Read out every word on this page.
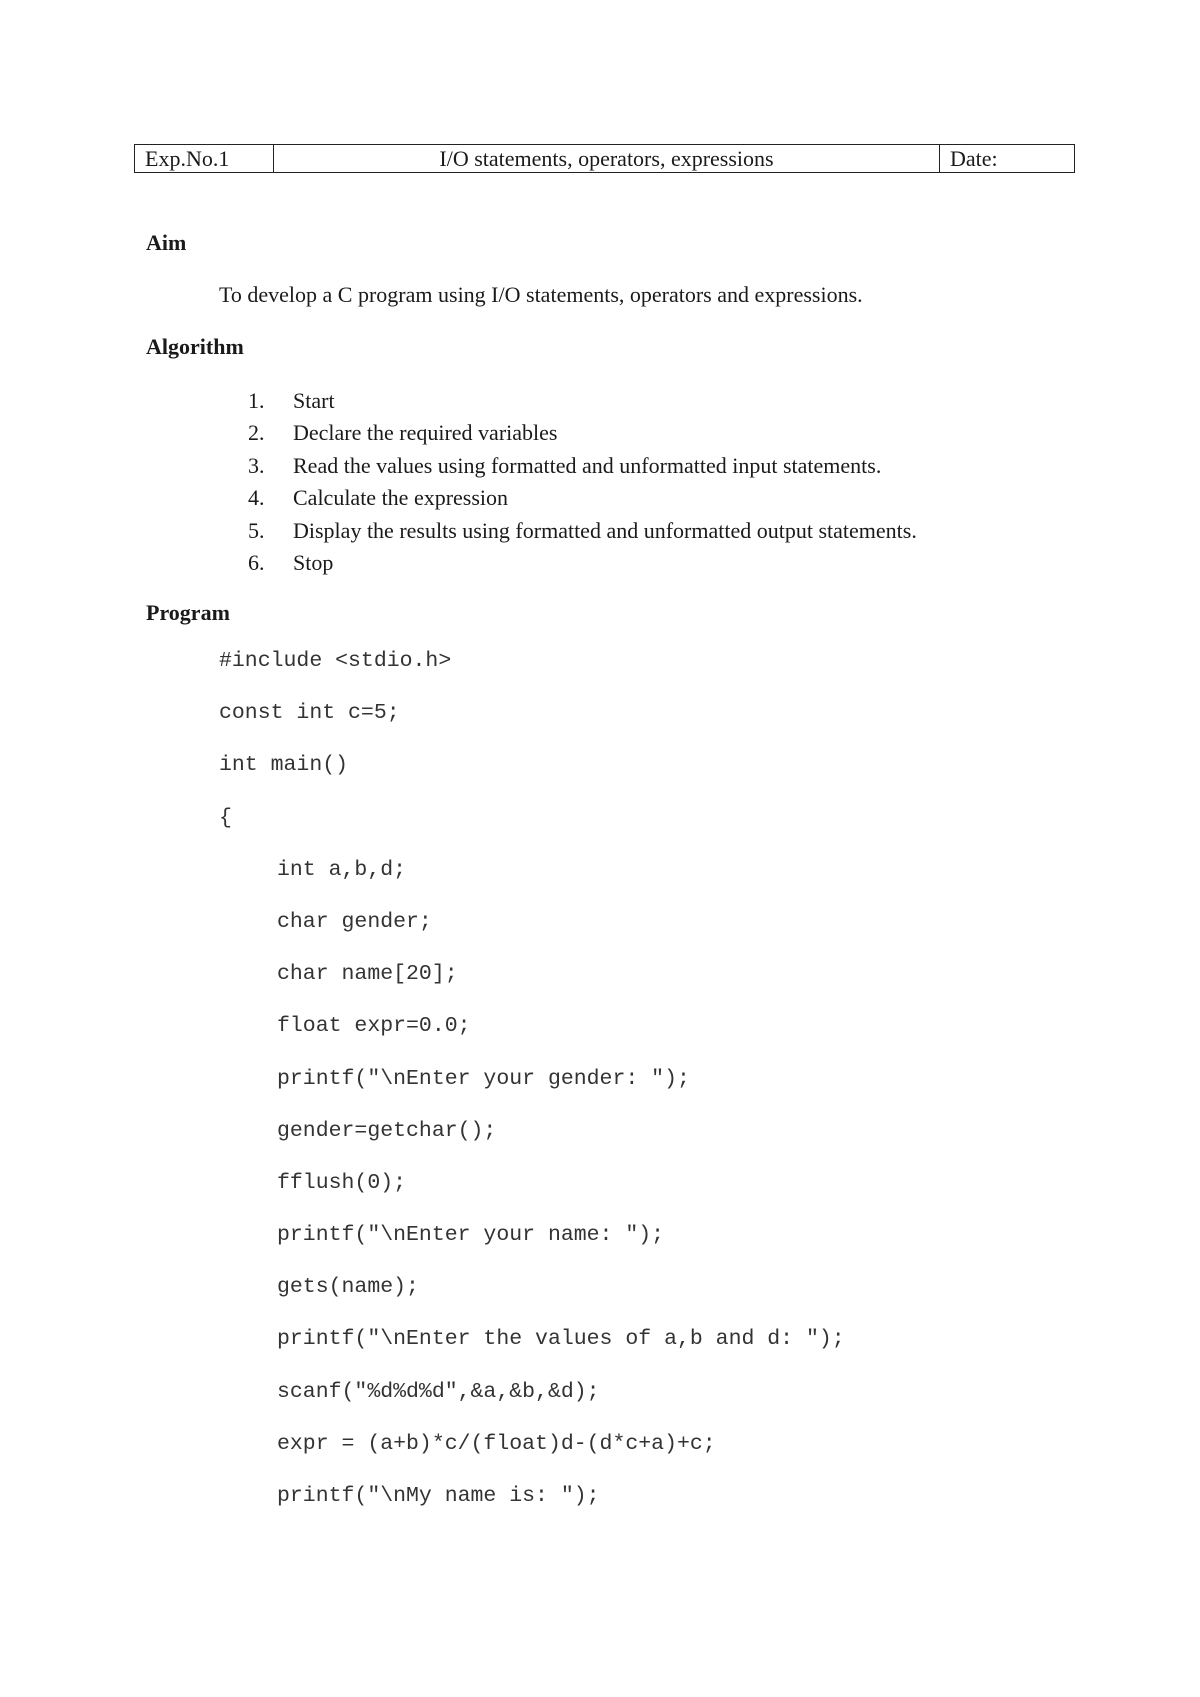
Exp.No.1	I/O statements, operators, expressions	Date:
Aim
To develop a C program using I/O statements, operators and expressions.
Algorithm
1. Start
2. Declare the required variables
3. Read the values using formatted and unformatted input statements.
4. Calculate the expression
5. Display the results using formatted and unformatted output statements.
6. Stop
Program
#include <stdio.h>
const int c=5;
int main()
{
int a,b,d;
char gender;
char name[20];
float expr=0.0;
printf("\nEnter your gender: ");
gender=getchar();
fflush(0);
printf("\nEnter your name: ");
gets(name);
printf("\nEnter the values of a,b and d: ");
scanf("%d%d%d",&a,&b,&d);
expr = (a+b)*c/(float)d-(d*c+a)+c;
printf("\nMy name is: ");
